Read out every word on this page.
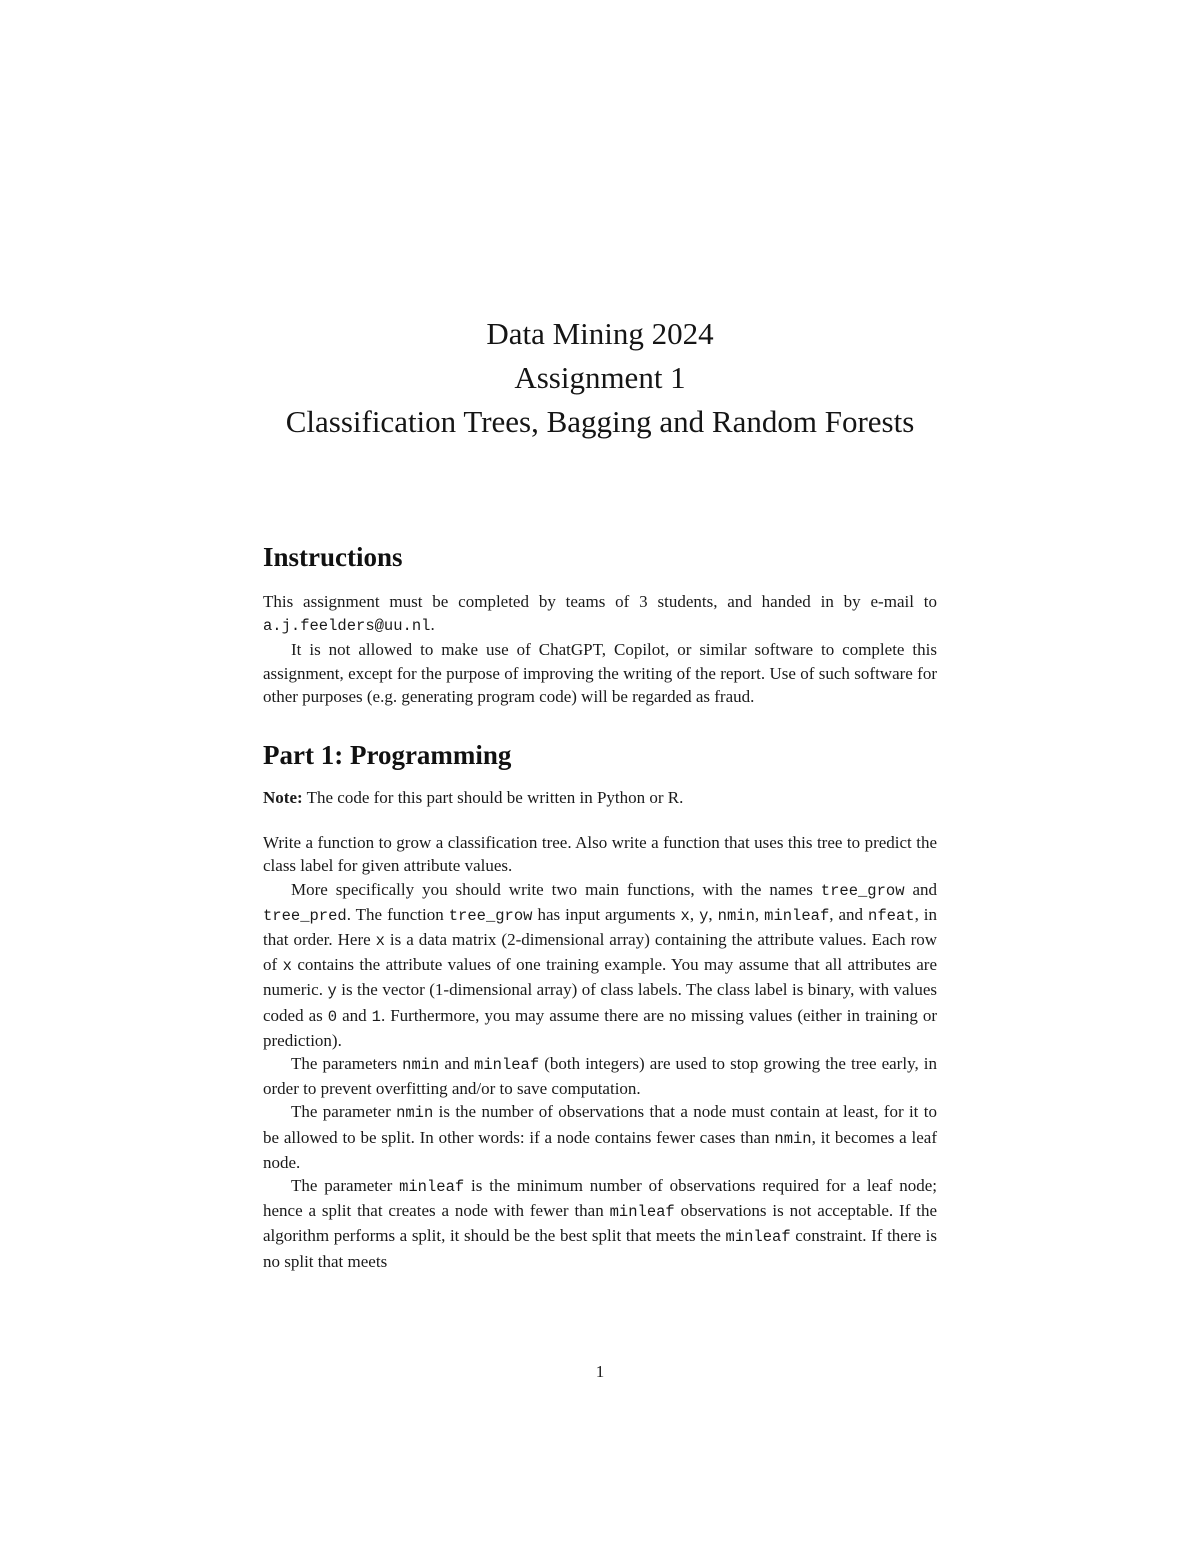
Data Mining 2024
Assignment 1
Classification Trees, Bagging and Random Forests
Instructions

This assignment must be completed by teams of 3 students, and handed in by e-mail to a.j.feelders@uu.nl.

It is not allowed to make use of ChatGPT, Copilot, or similar software to complete this assignment, except for the purpose of improving the writing of the report. Use of such software for other purposes (e.g. generating program code) will be regarded as fraud.

Part 1: Programming

Note: The code for this part should be written in Python or R.

Write a function to grow a classification tree. Also write a function that uses this tree to predict the class label for given attribute values.

More specifically you should write two main functions, with the names tree_grow and tree_pred. The function tree_grow has input arguments x, y, nmin, minleaf, and nfeat, in that order. Here x is a data matrix (2-dimensional array) containing the attribute values. Each row of x contains the attribute values of one training example. You may assume that all attributes are numeric. y is the vector (1-dimensional array) of class labels. The class label is binary, with values coded as 0 and 1. Furthermore, you may assume there are no missing values (either in training or prediction).

The parameters nmin and minleaf (both integers) are used to stop growing the tree early, in order to prevent overfitting and/or to save computation.

The parameter nmin is the number of observations that a node must contain at least, for it to be allowed to be split. In other words: if a node contains fewer cases than nmin, it becomes a leaf node.

The parameter minleaf is the minimum number of observations required for a leaf node; hence a split that creates a node with fewer than minleaf observations is not acceptable. If the algorithm performs a split, it should be the best split that meets the minleaf constraint. If there is no split that meets

1
